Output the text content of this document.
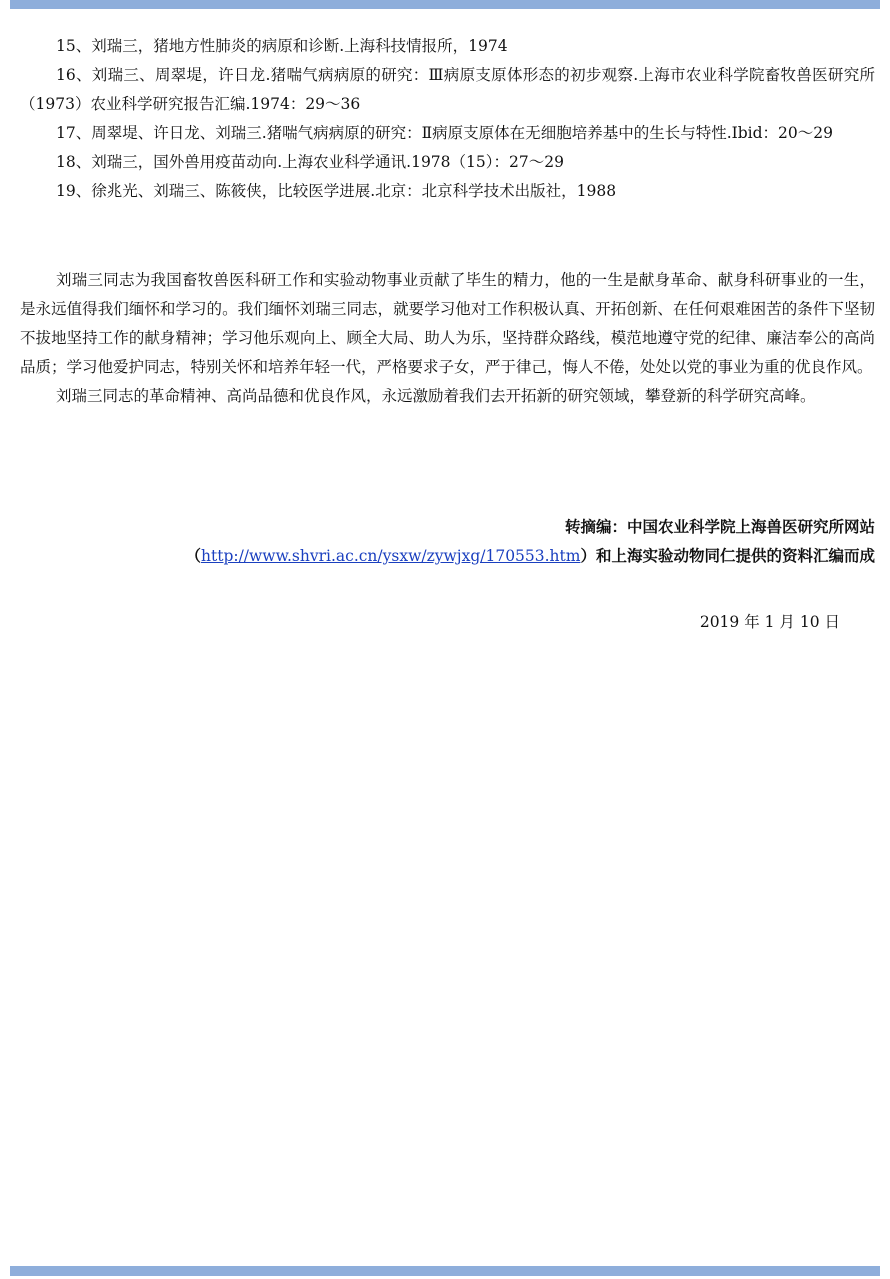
15、刘瑞三，猪地方性肺炎的病原和诊断.上海科技情报所，1974

16、刘瑞三、周翠堤，许日龙.猪喘气病病原的研究：Ⅲ病原支原体形态的初步观察.上海市农业科学院畜牧兽医研究所（1973）农业科学研究报告汇编.1974：29～36

17、周翠堤、许日龙、刘瑞三.猪喘气病病原的研究：Ⅱ病原支原体在无细胞培养基中的生长与特性.Ibid：20～29

18、刘瑞三，国外兽用疫苗动向.上海农业科学通讯.1978（15）：27～29

19、徐兆光、刘瑞三、陈筱侠，比较医学进展.北京：北京科学技术出版社，1988

刘瑞三同志为我国畜牧兽医科研工作和实验动物事业贡献了毕生的精力，他的一生是献身革命、献身科研事业的一生，是永远值得我们缅怀和学习的。我们缅怀刘瑞三同志，就要学习他对工作积极认真、开拓创新、在任何艰难困苦的条件下坚韧不拔地坚持工作的献身精神；学习他乐观向上、顾全大局、助人为乐，坚持群众路线，模范地遵守党的纪律、廉洁奉公的高尚品质；学习他爱护同志，特别关怀和培养年轻一代，严格要求子女，严于律己，悔人不倦，处处以党的事业为重的优良作风。

刘瑞三同志的革命精神、高尚品德和优良作风，永远激励着我们去开拓新的研究领域，攀登新的科学研究高峰。

转摘编：中国农业科学院上海兽医研究所网站
（http://www.shvri.ac.cn/ysxw/zywjxg/170553.htm）和上海实验动物同仁提供的资料汇编而成
2019 年 1 月 10 日
